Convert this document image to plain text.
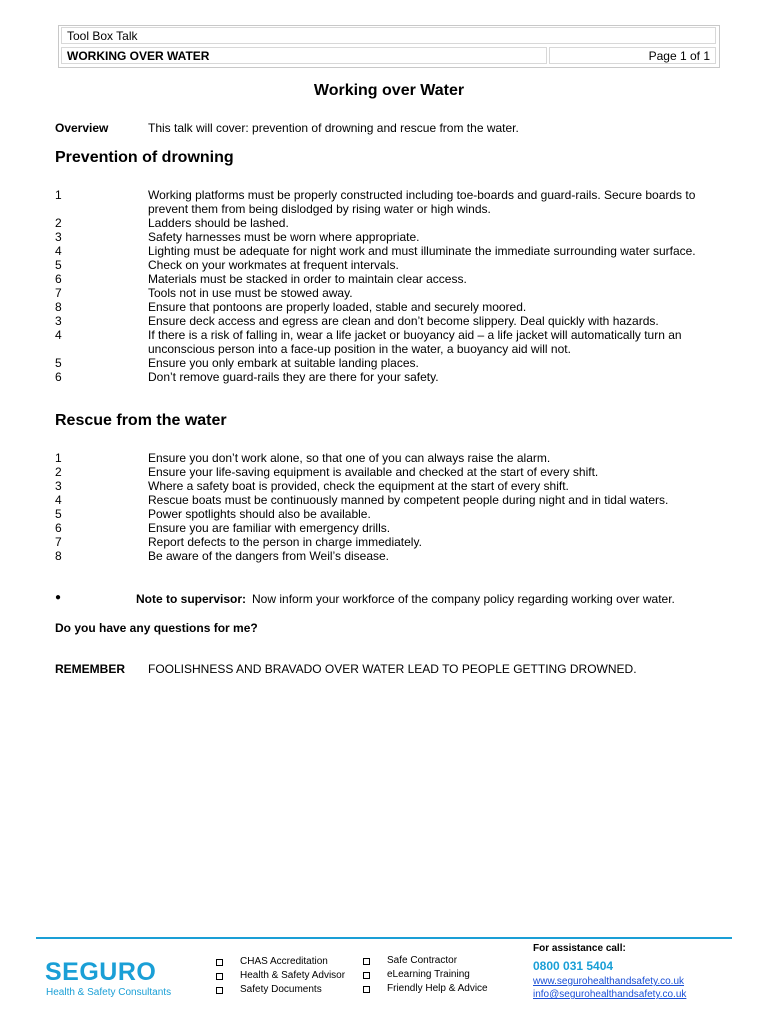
Tool Box Talk
WORKING OVER WATER	Page 1 of 1
Working over Water
Overview	This talk will cover: prevention of drowning and rescue from the water.
Prevention of drowning
1	Working platforms must be properly constructed including toe-boards and guard-rails. Secure boards to prevent them from being dislodged by rising water or high winds.
2	Ladders should be lashed.
3	Safety harnesses must be worn where appropriate.
4	Lighting must be adequate for night work and must illuminate the immediate surrounding water surface.
5	Check on your workmates at frequent intervals.
6	Materials must be stacked in order to maintain clear access.
7	Tools not in use must be stowed away.
8	Ensure that pontoons are properly loaded, stable and securely moored.
3	Ensure deck access and egress are clean and don’t become slippery. Deal quickly with hazards.
4	If there is a risk of falling in, wear a life jacket or buoyancy aid – a life jacket will automatically turn an unconscious person into a face-up position in the water, a buoyancy aid will not.
5	Ensure you only embark at suitable landing places.
6	Don’t remove guard-rails they are there for your safety.
Rescue from the water
1	Ensure you don’t work alone, so that one of you can always raise the alarm.
2	Ensure your life-saving equipment is available and checked at the start of every shift.
3	Where a safety boat is provided, check the equipment at the start of every shift.
4	Rescue boats must be continuously manned by competent people during night and in tidal waters.
5	Power spotlights should also be available.
6	Ensure you are familiar with emergency drills.
7	Report defects to the person in charge immediately.
8	Be aware of the dangers from Weil’s disease.
●	Note to supervisor: Now inform your workforce of the company policy regarding working over water.
Do you have any questions for me?
REMEMBER FOOLISHNESS AND BRAVADO OVER WATER LEAD TO PEOPLE GETTING DROWNED.
SEGURO
Health & Safety Consultants
CHAS Accreditation
Health & Safety Advisor
Safety Documents
Safe Contractor
eLearning Training
Friendly Help & Advice
For assistance call:
0800 031 5404
www.segurohealthandsafety.co.uk
info@segurohealthandsafety.co.uk
